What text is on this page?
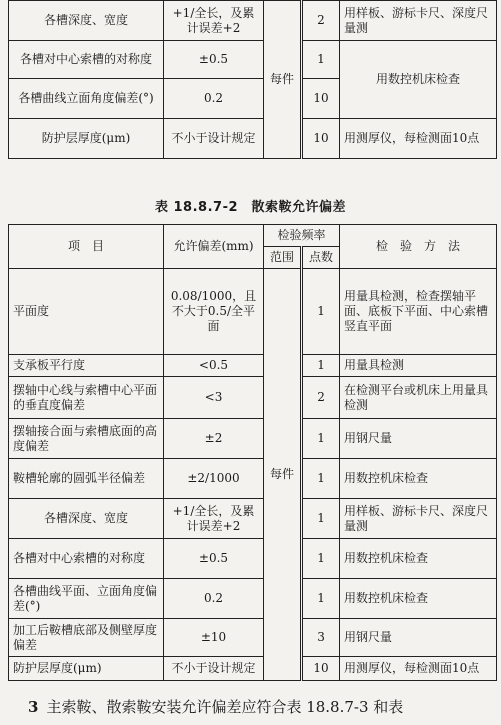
各槽深度、宽度	+1/全长，及累计误差+2	每件	2	用样板、游标卡尺、深度尺量测
各槽对中心索槽的对称度	±0.5		1	用数控机床检查
各槽曲线立面角度偏差(°)	0.2		10	
防护层厚度(μm)	不小于设计规定		10	用测厚仪，每检测面10点
表 18.8.7-2　散索鞍允许偏差
项　目	允许偏差(mm)	检验频率		检　验　方　法
		范围	点数	
平面度	0.08/1000，且不大于0.5/全平面	每件	1	用量具检测，检查摆轴平面、底板下平面、中心索槽竖直平面
支承板平行度	<0.5		1	用量具检测
摆轴中心线与索槽中心平面的垂直度偏差	<3		2	在检测平台或机床上用量具检测
摆轴接合面与索槽底面的高度偏差	±2		1	用钢尺量
鞍槽轮廓的圆弧半径偏差	±2/1000		1	用数控机床检查
各槽深度、宽度	+1/全长，及累计误差+2		1	用样板、游标卡尺、深度尺量测
各槽对中心索槽的对称度	±0.5		1	用数控机床检查
各槽曲线平面、立面角度偏差(°)	0.2		1	用数控机床检查
加工后鞍槽底部及侧壁厚度偏差	±10		3	用钢尺量
防护层厚度(μm)	不小于设计规定		10	用测厚仪，每检测面10点
3 主索鞍、散索鞍安装允许偏差应符合表 18.8.7-3 和表
